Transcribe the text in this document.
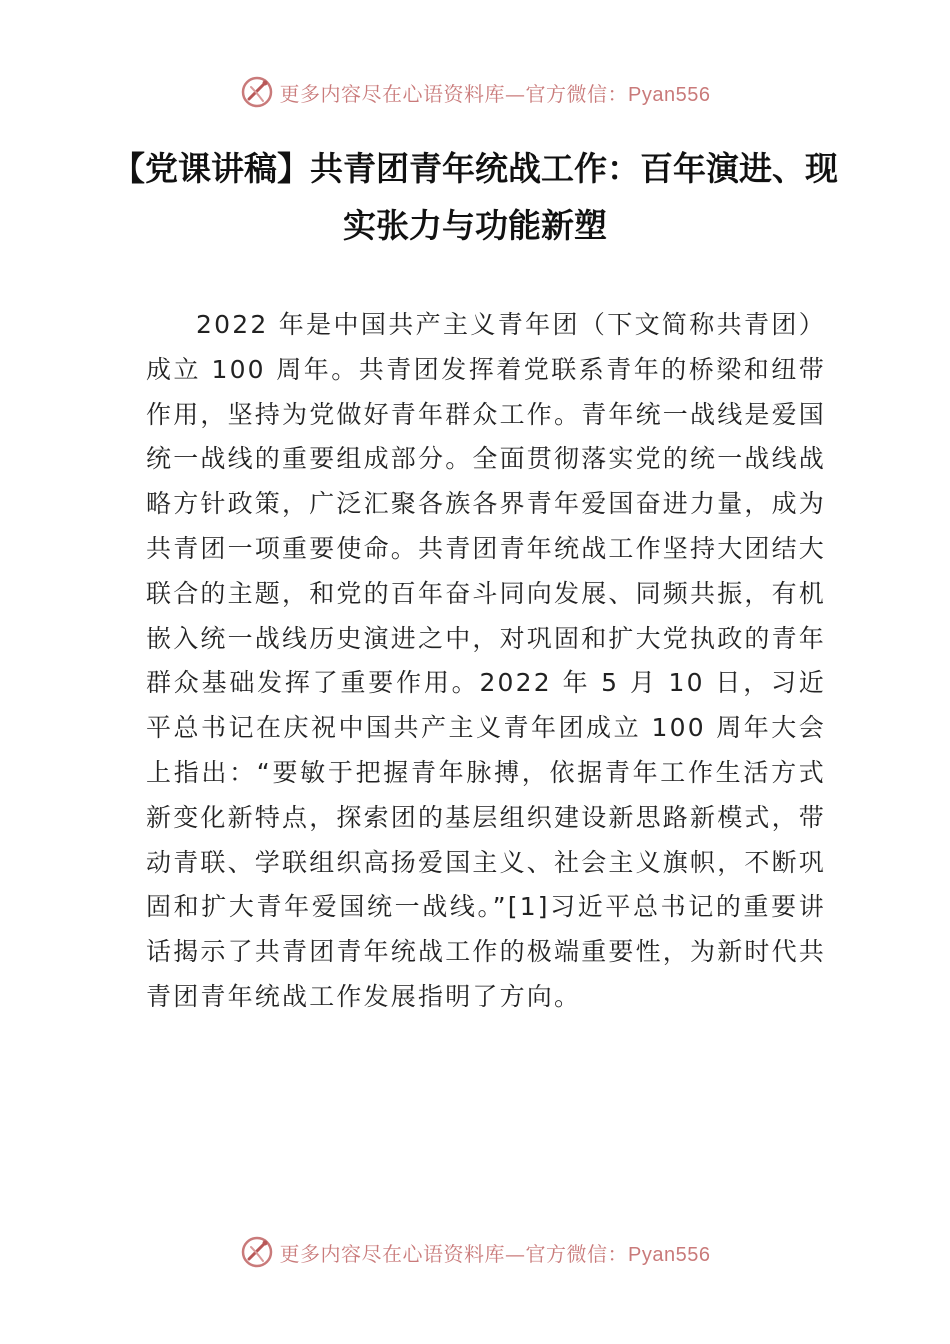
更多内容尽在心语资料库—官方微信：Pyan556
【党课讲稿】共青团青年统战工作：百年演进、现实张力与功能新塑

2022 年是中国共产主义青年团（下文简称共青团）成立 100 周年。共青团发挥着党联系青年的桥梁和纽带作用，坚持为党做好青年群众工作。青年统一战线是爱国统一战线的重要组成部分。全面贯彻落实党的统一战线战略方针政策，广泛汇聚各族各界青年爱国奋进力量，成为共青团一项重要使命。共青团青年统战工作坚持大团结大联合的主题，和党的百年奋斗同向发展、同频共振，有机嵌入统一战线历史演进之中，对巩固和扩大党执政的青年群众基础发挥了重要作用。2022 年 5 月 10 日，习近平总书记在庆祝中国共产主义青年团成立 100 周年大会上指出：“要敏于把握青年脉搏，依据青年工作生活方式新变化新特点，探索团的基层组织建设新思路新模式，带动青联、学联组织高扬爱国主义、社会主义旗帜，不断巩固和扩大青年爱国统一战线。”[1]习近平总书记的重要讲话揭示了共青团青年统战工作的极端重要性，为新时代共青团青年统战工作发展指明了方向。

更多内容尽在心语资料库—官方微信：Pyan556
